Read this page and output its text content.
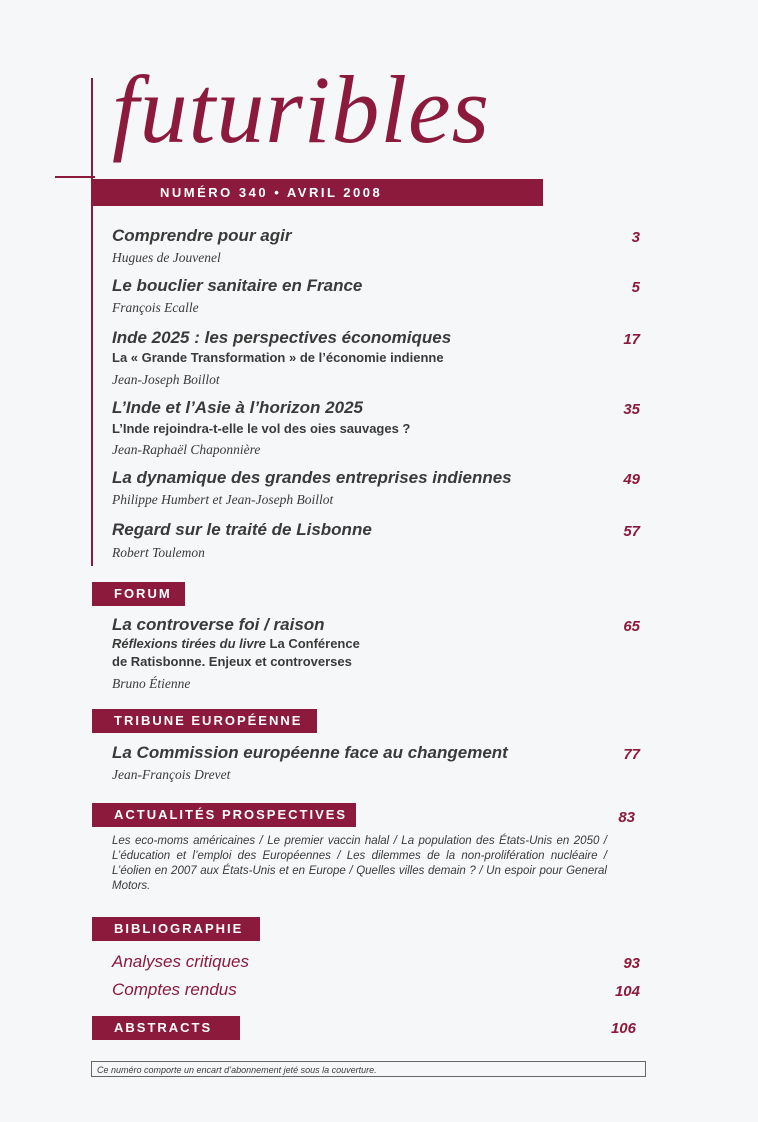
futuribles
NUMÉRO 340 • AVRIL 2008
Comprendre pour agir
Hugues de Jouvenel
3
Le bouclier sanitaire en France
François Ecalle
5
Inde 2025 : les perspectives économiques
La « Grande Transformation » de l’économie indienne
Jean-Joseph Boillot
17
L’Inde et l’Asie à l’horizon 2025
L’Inde rejoindra-t-elle le vol des oies sauvages ?
Jean-Raphaël Chaponnière
35
La dynamique des grandes entreprises indiennes
Philippe Humbert et Jean-Joseph Boillot
49
Regard sur le traité de Lisbonne
Robert Toulemon
57
FORUM
La controverse foi / raison
Réflexions tirées du livre La Conférence
de Ratisbonne. Enjeux et controverses
Bruno Étienne
65
TRIBUNE EUROPÉENNE
La Commission européenne face au changement
Jean-François Drevet
77
ACTUALITÉS PROSPECTIVES	83
Les eco-moms américaines / Le premier vaccin halal / La population des États-Unis en 2050 / L’éducation et l’emploi des Européennes / Les dilemmes de la non-prolifération nucléaire / L’éolien en 2007 aux États-Unis et en Europe / Quelles villes demain ? / Un espoir pour General Motors.
BIBLIOGRAPHIE
Analyses critiques	93
Comptes rendus	104
ABSTRACTS	106
Ce numéro comporte un encart d’abonnement jeté sous la couverture.
